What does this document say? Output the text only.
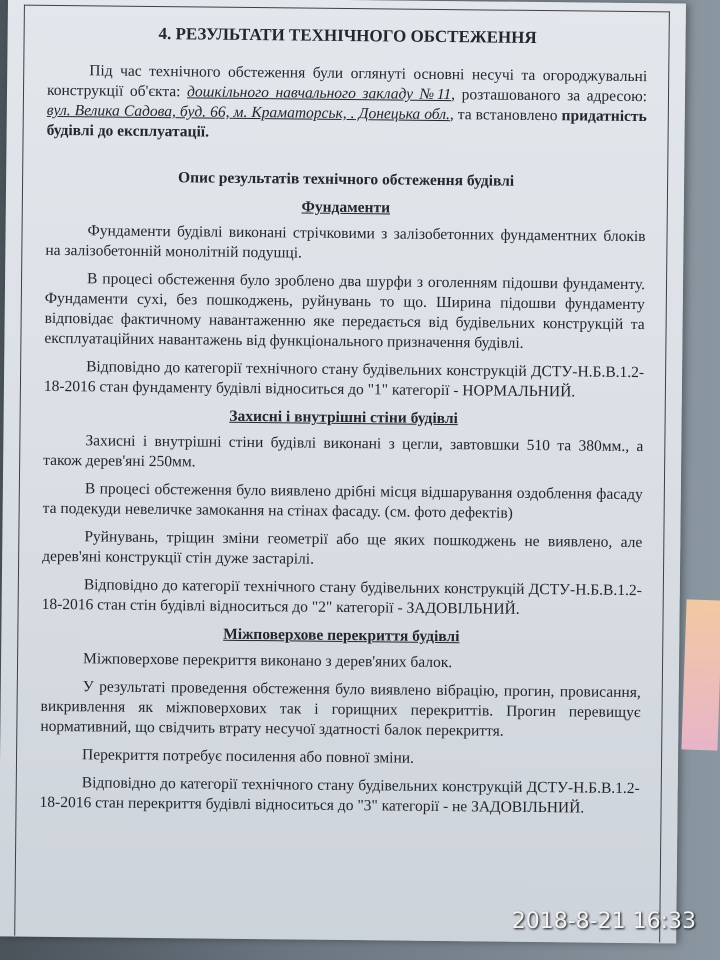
4. РЕЗУЛЬТАТИ ТЕХНІЧНОГО ОБСТЕЖЕННЯ

Під час технічного обстеження були оглянуті основні несучі та огороджувальні конструкції об'єкта: дошкільного навчального закладу №11, розташованого за адресою: вул. Велика Садова, буд. 66, м. Краматорськ, . Донецька обл., та встановлено придатність будівлі до експлуатації.

Опис результатів технічного обстеження будівлі
Фундаменти

Фундаменти будівлі виконані стрічковими з залізобетонних фундаментних блоків на залізобетонній монолітній подушці.

В процесі обстеження було зроблено два шурфи з оголенням підошви фундаменту. Фундаменти сухі, без пошкоджень, руйнувань то що. Ширина підошви фундаменту відповідає фактичному навантаженню яке передається від будівельних конструкцій та експлуатаційних навантажень від функціонального призначення будівлі.

Відповідно до категорії технічного стану будівельних конструкцій ДСТУ-Н.Б.В.1.2-18-2016 стан фундаменту будівлі відноситься до "1" категорії - НОРМАЛЬНИЙ.

Захисні і внутрішні стіни будівлі

Захисні і внутрішні стіни будівлі виконані з цегли, завтовшки 510 та 380мм., а також дерев'яні 250мм.

В процесі обстеження було виявлено дрібні місця відшарування оздоблення фасаду та подекуди невеличке замокання на стінах фасаду. (см. фото дефектів)

Руйнувань, тріщин зміни геометрії або ще яких пошкоджень не виявлено, але дерев'яні конструкції стін дуже застарілі.

Відповідно до категорії технічного стану будівельних конструкцій ДСТУ-Н.Б.В.1.2-18-2016 стан стін будівлі відноситься до "2" категорії - ЗАДОВІЛЬНИЙ.

Міжповерхове перекриття будівлі

Міжповерхове перекриття виконано з дерев'яних балок.

У результаті проведення обстеження було виявлено вібрацію, прогин, провисання, викривлення як міжповерхових так і горищних перекриттів. Прогин перевищує нормативний, що свідчить втрату несучої здатності балок перекриття.

Перекриття потребує посилення або повної зміни.

Відповідно до категорії технічного стану будівельних конструкцій ДСТУ-Н.Б.В.1.2-18-2016 стан перекриття будівлі відноситься до "3" категорії - не ЗАДОВІЛЬНИЙ.

2018-8-21 16:33
